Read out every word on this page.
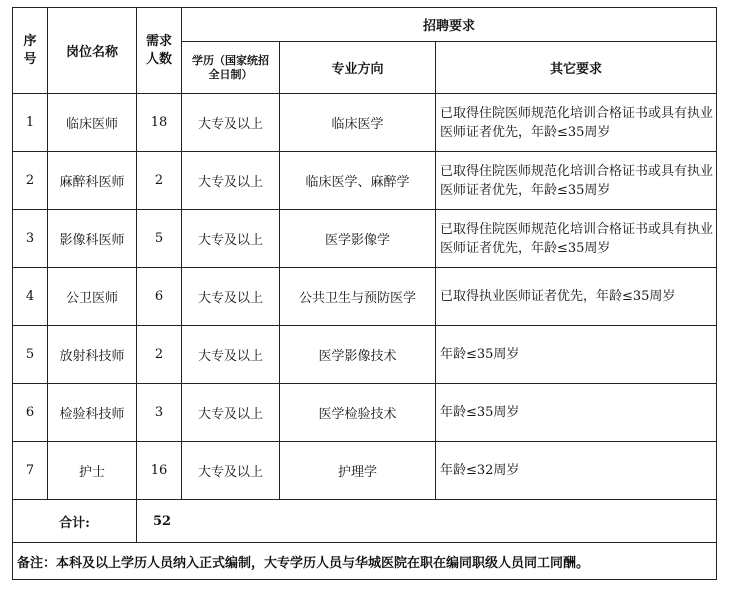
序号	岗位名称	需求人数	招聘要求		
			学历（国家统招全日制）	专业方向	其它要求
1	临床医师	18	大专及以上	临床医学	已取得住院医师规范化培训合格证书或具有执业医师证者优先，年龄≤35周岁
2	麻醉科医师	2	大专及以上	临床医学、麻醉学	已取得住院医师规范化培训合格证书或具有执业医师证者优先，年龄≤35周岁
3	影像科医师	5	大专及以上	医学影像学	已取得住院医师规范化培训合格证书或具有执业医师证者优先，年龄≤35周岁
4	公卫医师	6	大专及以上	公共卫生与预防医学	已取得执业医师证者优先，年龄≤35周岁
5	放射科技师	2	大专及以上	医学影像技术	年龄≤35周岁
6	检验科技师	3	大专及以上	医学检验技术	年龄≤35周岁
7	护士	16	大专及以上	护理学	年龄≤32周岁
合计:		52			
备注：本科及以上学历人员纳入正式编制，大专学历人员与华城医院在职在编同职级人员同工同酬。					
